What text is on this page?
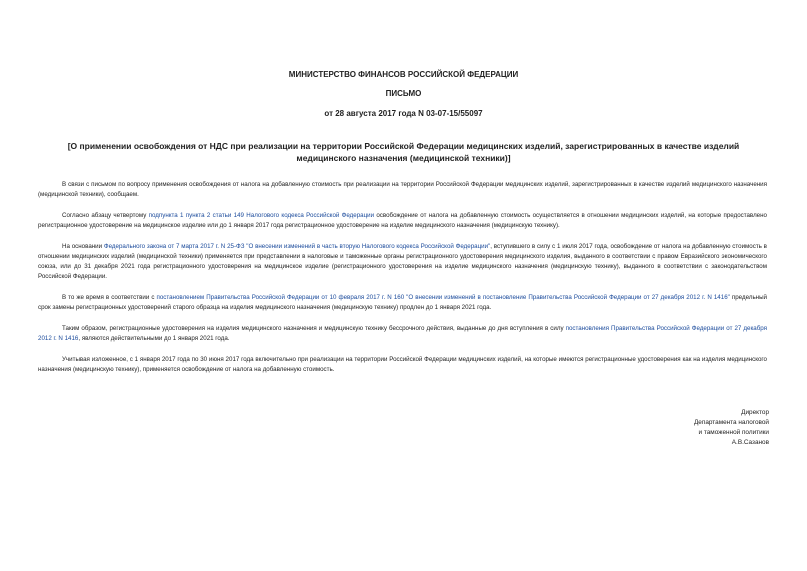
МИНИСТЕРСТВО ФИНАНСОВ РОССИЙСКОЙ ФЕДЕРАЦИИ
ПИСЬМО
от 28 августа 2017 года N 03-07-15/55097
[О применении освобождения от НДС при реализации на территории Российской Федерации медицинских изделий, зарегистрированных в качестве изделий медицинского назначения (медицинской техники)]

В связи с письмом по вопросу применения освобождения от налога на добавленную стоимость при реализации на территории Российской Федерации медицинских изделий, зарегистрированных в качестве изделий медицинского назначения (медицинской техники), сообщаем.

Согласно абзацу четвертому подпункта 1 пункта 2 статьи 149 Налогового кодекса Российской Федерации освобождение от налога на добавленную стоимость осуществляется в отношении медицинских изделий, на которые предоставлено регистрационное удостоверение на медицинское изделие или до 1 января 2017 года регистрационное удостоверение на изделие медицинского назначения (медицинскую технику).

На основании Федерального закона от 7 марта 2017 г. N 25-ФЗ "О внесении изменений в часть вторую Налогового кодекса Российской Федерации", вступившего в силу с 1 июля 2017 года, освобождение от налога на добавленную стоимость в отношении медицинских изделий (медицинской техники) применяется при представлении в налоговые и таможенные органы регистрационного удостоверения медицинского изделия, выданного в соответствии с правом Евразийского экономического союза, или до 31 декабря 2021 года регистрационного удостоверения на медицинское изделие (регистрационного удостоверения на изделие медицинского назначения (медицинскую технику), выданного в соответствии с законодательством Российской Федерации.

В то же время в соответствии с постановлением Правительства Российской Федерации от 10 февраля 2017 г. N 160 "О внесении изменений в постановление Правительства Российской Федерации от 27 декабря 2012 г. N 1416" предельный срок замены регистрационных удостоверений старого образца на изделия медицинского назначения (медицинскую технику) продлен до 1 января 2021 года.

Таким образом, регистрационные удостоверения на изделия медицинского назначения и медицинскую технику бессрочного действия, выданные до дня вступления в силу постановления Правительства Российской Федерации от 27 декабря 2012 г. N 1416, являются действительными до 1 января 2021 года.

Учитывая изложенное, с 1 января 2017 года по 30 июня 2017 года включительно при реализации на территории Российской Федерации медицинских изделий, на которые имеются регистрационные удостоверения как на изделия медицинского назначения (медицинскую технику), применяется освобождение от налога на добавленную стоимость.

Директор
Департамента налоговой
и таможенной политики
А.В.Сазанов
